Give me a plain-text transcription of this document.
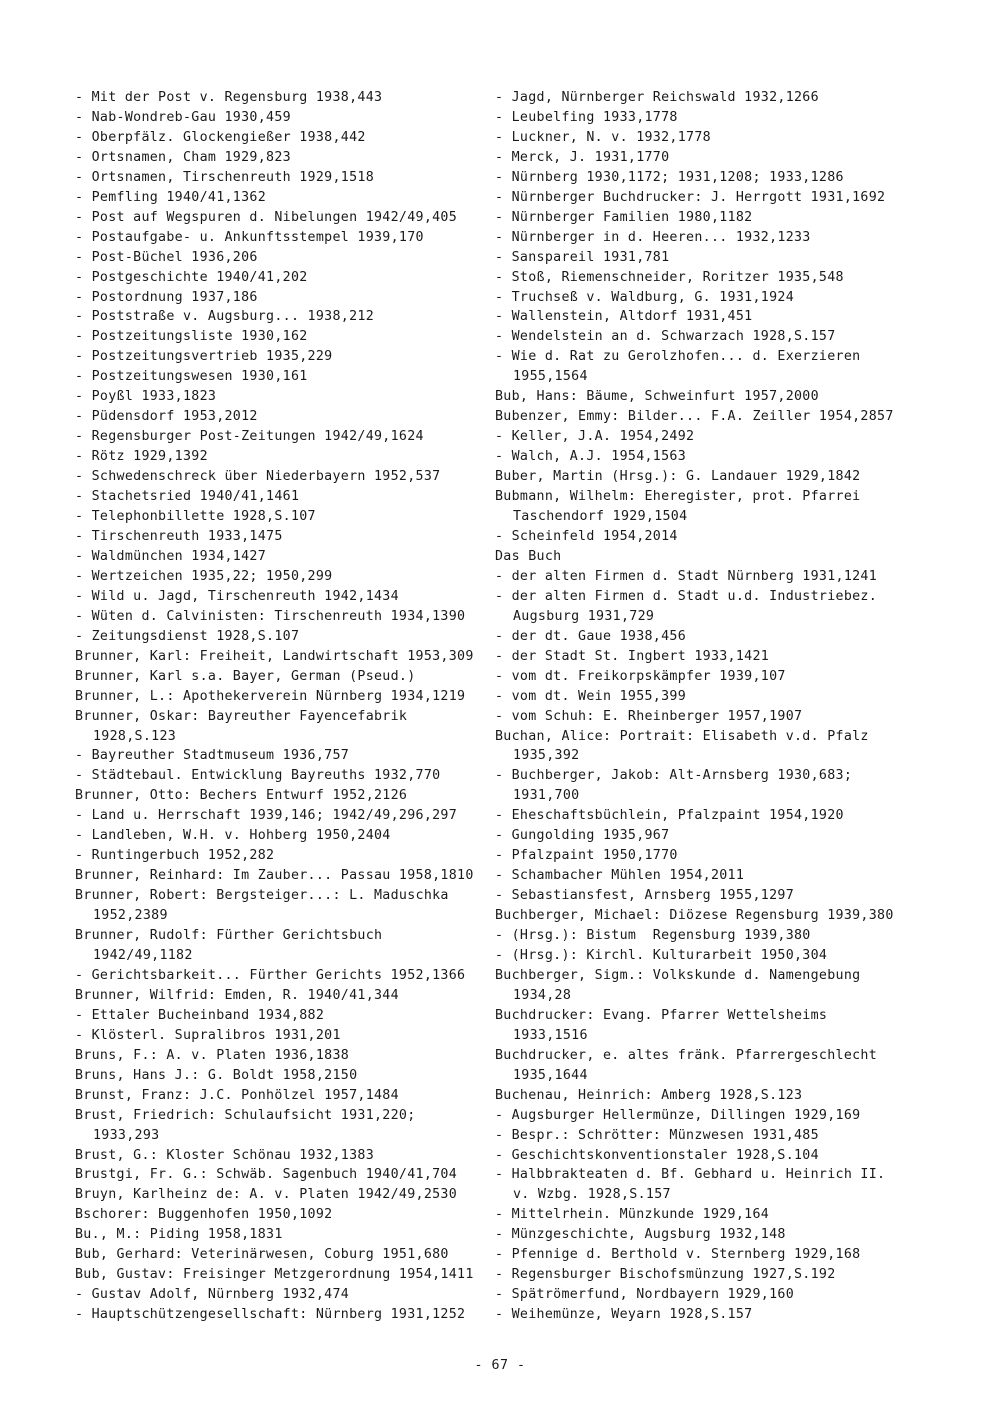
- Mit der Post v. Regensburg 1938,443
- Nab-Wondreb-Gau 1930,459
- Oberpfälz. Glockengießer 1938,442
- Ortsnamen, Cham 1929,823
- Ortsnamen, Tirschenreuth 1929,1518
- Pemfling 1940/41,1362
- Post auf Wegspuren d. Nibelungen 1942/49,405
- Postaufgabe- u. Ankunftsstempel 1939,170
- Post-Büchel 1936,206
- Postgeschichte 1940/41,202
- Postordnung 1937,186
- Poststraße v. Augsburg... 1938,212
- Postzeitungsliste 1930,162
- Postzeitungsvertrieb 1935,229
- Postzeitungswesen 1930,161
- Poyßl 1933,1823
- Püdensdorf 1953,2012
- Regensburger Post-Zeitungen 1942/49,1624
- Rötz 1929,1392
- Schwedenschreck über Niederbayern 1952,537
- Stachetsried 1940/41,1461
- Telephonbillette 1928,S.107
- Tirschenreuth 1933,1475
- Waldmünchen 1934,1427
- Wertzeichen 1935,22; 1950,299
- Wild u. Jagd, Tirschenreuth 1942,1434
- Wüten d. Calvinisten: Tirschenreuth 1934,1390
- Zeitungsdienst 1928,S.107
Brunner, Karl: Freiheit, Landwirtschaft 1953,309
Brunner, Karl s.a. Bayer, German (Pseud.)
Brunner, L.: Apothekerverein Nürnberg 1934,1219
Brunner, Oskar: Bayreuther Fayencefabrik
1928,S.123
- Bayreuther Stadtmuseum 1936,757
- Städtebaul. Entwicklung Bayreuths 1932,770
Brunner, Otto: Bechers Entwurf 1952,2126
- Land u. Herrschaft 1939,146; 1942/49,296,297
- Landleben, W.H. v. Hohberg 1950,2404
- Runtingerbuch 1952,282
Brunner, Reinhard: Im Zauber... Passau 1958,1810
Brunner, Robert: Bergsteiger...: L. Maduschka
1952,2389
Brunner, Rudolf: Fürther Gerichtsbuch
1942/49,1182
- Gerichtsbarkeit... Fürther Gerichts 1952,1366
Brunner, Wilfrid: Emden, R. 1940/41,344
- Ettaler Bucheinband 1934,882
- Klösterl. Supralibros 1931,201
Bruns, F.: A. v. Platen 1936,1838
Bruns, Hans J.: G. Boldt 1958,2150
Brunst, Franz: J.C. Ponhölzel 1957,1484
Brust, Friedrich: Schulaufsicht 1931,220;
1933,293
Brust, G.: Kloster Schönau 1932,1383
Brustgi, Fr. G.: Schwäb. Sagenbuch 1940/41,704
Bruyn, Karlheinz de: A. v. Platen 1942/49,2530
Bschorer: Buggenhofen 1950,1092
Bu., M.: Piding 1958,1831
Bub, Gerhard: Veterinärwesen, Coburg 1951,680
Bub, Gustav: Freisinger Metzgerordnung 1954,1411
- Gustav Adolf, Nürnberg 1932,474
- Hauptschützengesellschaft: Nürnberg 1931,1252
- Jagd, Nürnberger Reichswald 1932,1266
- Leubelfing 1933,1778
- Luckner, N. v. 1932,1778
- Merck, J. 1931,1770
- Nürnberg 1930,1172; 1931,1208; 1933,1286
- Nürnberger Buchdrucker: J. Herrgott 1931,1692
- Nürnberger Familien 1980,1182
- Nürnberger in d. Heeren... 1932,1233
- Sanspareil 1931,781
- Stoß, Riemenschneider, Roritzer 1935,548
- Truchseß v. Waldburg, G. 1931,1924
- Wallenstein, Altdorf 1931,451
- Wendelstein an d. Schwarzach 1928,S.157
- Wie d. Rat zu Gerolzhofen... d. Exerzieren
1955,1564
Bub, Hans: Bäume, Schweinfurt 1957,2000
Bubenzer, Emmy: Bilder... F.A. Zeiller 1954,2857
- Keller, J.A. 1954,2492
- Walch, A.J. 1954,1563
Buber, Martin (Hrsg.): G. Landauer 1929,1842
Bubmann, Wilhelm: Eheregister, prot. Pfarrei
Taschendorf 1929,1504
- Scheinfeld 1954,2014
Das Buch
- der alten Firmen d. Stadt Nürnberg 1931,1241
- der alten Firmen d. Stadt u.d. Industriebez.
Augsburg 1931,729
- der dt. Gaue 1938,456
- der Stadt St. Ingbert 1933,1421
- vom dt. Freikorpskämpfer 1939,107
- vom dt. Wein 1955,399
- vom Schuh: E. Rheinberger 1957,1907
Buchan, Alice: Portrait: Elisabeth v.d. Pfalz
1935,392
- Buchberger, Jakob: Alt-Arnsberg 1930,683;
1931,700
- Eheschaftsbüchlein, Pfalzpaint 1954,1920
- Gungolding 1935,967
- Pfalzpaint 1950,1770
- Schambacher Mühlen 1954,2011
- Sebastiansfest, Arnsberg 1955,1297
Buchberger, Michael: Diözese Regensburg 1939,380
- (Hrsg.): Bistum  Regensburg 1939,380
- (Hrsg.): Kirchl. Kulturarbeit 1950,304
Buchberger, Sigm.: Volkskunde d. Namengebung
1934,28
Buchdrucker: Evang. Pfarrer Wettelsheims
1933,1516
Buchdrucker, e. altes fränk. Pfarrergeschlecht
1935,1644
Buchenau, Heinrich: Amberg 1928,S.123
- Augsburger Hellermünze, Dillingen 1929,169
- Bespr.: Schrötter: Münzwesen 1931,485
- Geschichtskonventionstaler 1928,S.104
- Halbbrakteaten d. Bf. Gebhard u. Heinrich II.
v. Wzbg. 1928,S.157
- Mittelrhein. Münzkunde 1929,164
- Münzgeschichte, Augsburg 1932,148
- Pfennige d. Berthold v. Sternberg 1929,168
- Regensburger Bischofsmünzung 1927,S.192
- Spätrömerfund, Nordbayern 1929,160
- Weihemünze, Weyarn 1928,S.157
- 67 -
